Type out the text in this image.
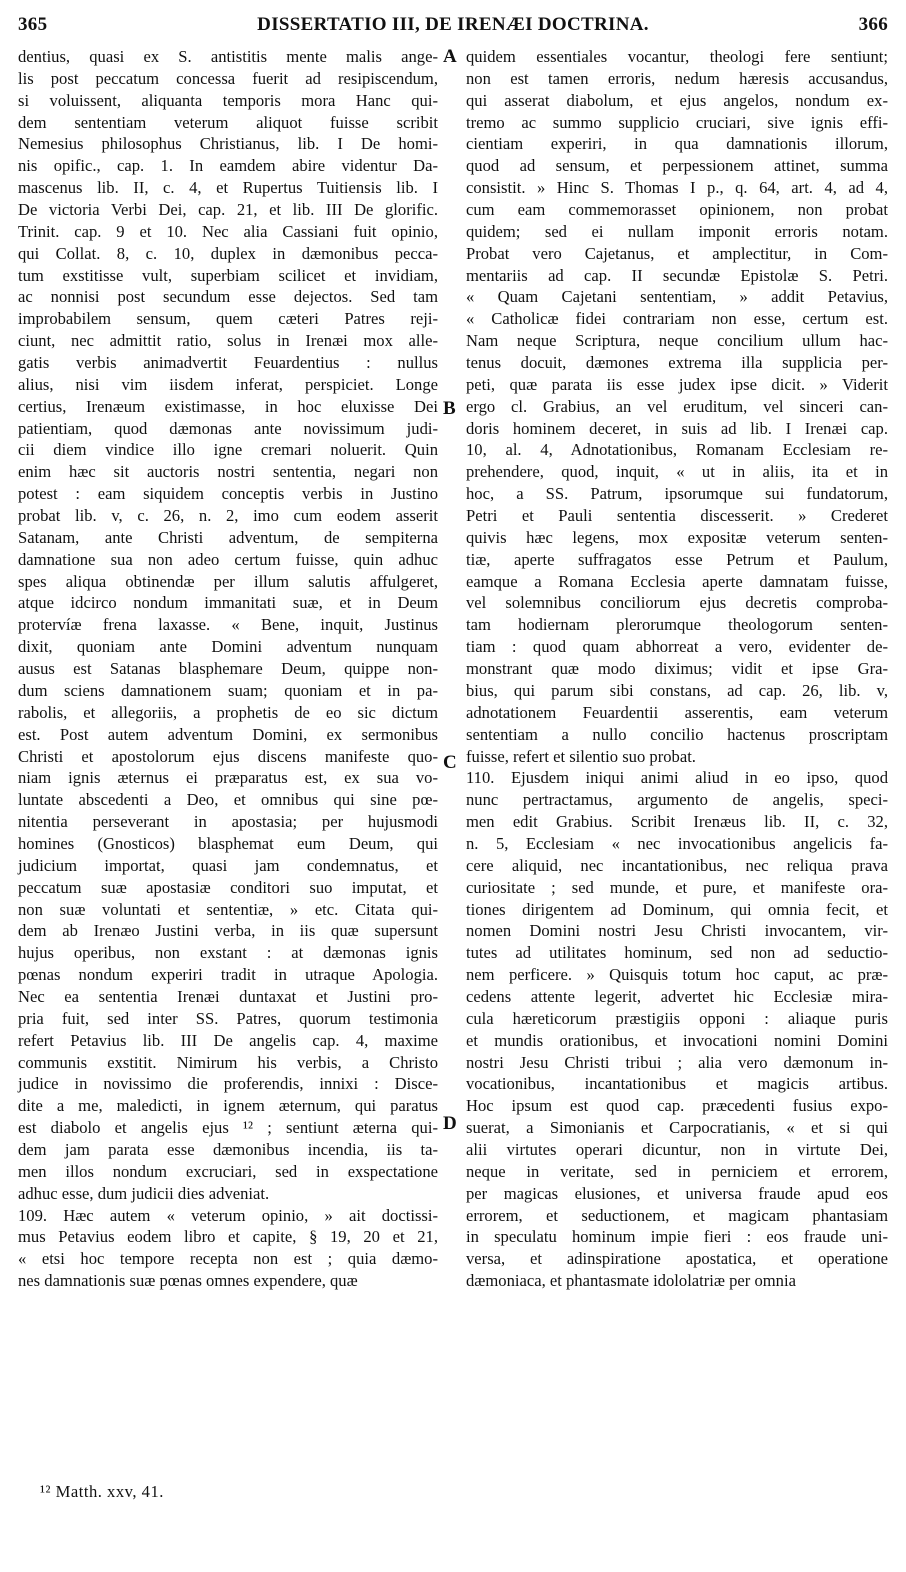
365	DISSERTATIO III, DE IRENÆI DOCTRINA.	366
dentius, quasi ex S. antistitis mente malis ange-
lis post peccatum concessa fuerit ad resipiscendum,
si voluissent, aliquanta temporis mora Hanc qui-
dem sententiam veterum aliquot fuisse scribit
Nemesius philosophus Christianus, lib. I De homi-
nis opific., cap. 1. In eamdem abire videntur Da-
mascenus lib. II, c. 4, et Rupertus Tuitiensis lib. I
De victoria Verbi Dei, cap. 21, et lib. III De glorific.
Trinit. cap. 9 et 10. Nec alia Cassiani fuit opinio,
qui Collat. 8, c. 10, duplex in dæmonibus pecca-
tum exstitisse vult, superbiam scilicet et invidiam,
ac nonnisi post secundum esse dejectos. Sed tam
improbabilem sensum, quem cæteri Patres reji-
ciunt, nec admittit ratio, solus in Irenæi mox alle-
gatis verbis animadvertit Feuardentius : nullus
alius, nisi vim iisdem inferat, perspiciet. Longe
certius, Irenæum existimasse, in hoc eluxisse Dei
patientiam, quod dæmonas ante novissimum judi-
cii diem vindice illo igne cremari noluerit. Quin
enim hæc sit auctoris nostri sententia, negari non
potest : eam siquidem conceptis verbis in Justino
probat lib. v, c. 26, n. 2, imo cum eodem asserit
Satanam, ante Christi adventum, de sempiterna
damnatione sua non adeo certum fuisse, quin adhuc
spes aliqua obtinendæ per illum salutis affulgeret,
atque idcirco nondum immanitati suæ, et in Deum
protervíæ frena laxasse. « Bene, inquit, Justinus
dixit, quoniam ante Domini adventum nunquam
ausus est Satanas blasphemare Deum, quippe non-
dum sciens damnationem suam; quoniam et in pa-
rabolis, et allegoriis, a prophetis de eo sic dictum
est. Post autem adventum Domini, ex sermonibus
Christi et apostolorum ejus discens manifeste quo-
niam ignis æternus ei præparatus est, ex sua vo-
luntate abscedenti a Deo, et omnibus qui sine pœ-
nitentia perseverant in apostasia; per hujusmodi
homines (Gnosticos) blasphemat eum Deum, qui
judicium importat, quasi jam condemnatus, et
peccatum suæ apostasiæ conditori suo imputat, et
non suæ voluntati et sententiæ, » etc. Citata qui-
dem ab Irenæo Justini verba, in iis quæ supersunt
hujus operibus, non exstant : at dæmonas ignis
pœnas nondum experiri tradit in utraque Apologia.
Nec ea sententia Irenæi duntaxat et Justini pro-
pria fuit, sed inter SS. Patres, quorum testimonia
refert Petavius lib. III De angelis cap. 4, maxime
communis exstitit. Nimirum his verbis, a Christo
judice in novissimo die proferendis, innixi : Disce-
dite a me, maledicti, in ignem æternum, qui paratus
est diabolo et angelis ejus ¹² ; sentiunt æterna qui-
dem jam parata esse dæmonibus incendia, iis ta-
men illos nondum excruciari, sed in exspectatione
adhuc esse, dum judicii dies adveniat.
109. Hæc autem « veterum opinio, » ait doctissi-
mus Petavius eodem libro et capite, § 19, 20 et 21,
« etsi hoc tempore recepta non est ; quia dæmo-
nes damnationis suæ pœnas omnes expendere, quæ
quidem essentiales vocantur, theologi fere sentiunt;
non est tamen erroris, nedum hæresis accusandus,
qui asserat diabolum, et ejus angelos, nondum ex-
tremo ac summo supplicio cruciari, sive ignis effi-
cientiam experiri, in qua damnationis illorum,
quod ad sensum, et perpessionem attinet, summa
consistit. » Hinc S. Thomas I p., q. 64, art. 4, ad 4,
cum eam commemorasset opinionem, non probat
quidem; sed ei nullam imponit erroris notam.
Probat vero Cajetanus, et amplectitur, in Com-
mentariis ad cap. II secundæ Epistolæ S. Petri.
« Quam Cajetani sententiam, » addit Petavius,
« Catholicæ fidei contrariam non esse, certum est.
Nam neque Scriptura, neque concilium ullum hac-
tenus docuit, dæmones extrema illa supplicia per-
peti, quæ parata iis esse judex ipse dicit. » Viderit
ergo cl. Grabius, an vel eruditum, vel sinceri can-
doris hominem deceret, in suis ad lib. I Irenæi cap.
10, al. 4, Adnotationibus, Romanam Ecclesiam re-
prehendere, quod, inquit, « ut in aliis, ita et in
hoc, a SS. Patrum, ipsorumque sui fundatorum,
Petri et Pauli sententia discesserit. » Crederet
quivis hæc legens, mox expositæ veterum senten-
tiæ, aperte suffragatos esse Petrum et Paulum,
eamque a Romana Ecclesia aperte damnatam fuisse,
vel solemnibus conciliorum ejus decretis comproba-
tam hodiernam plerorumque theologorum senten-
tiam : quod quam abhorreat a vero, evidenter de-
monstrant quæ modo diximus; vidit et ipse Gra-
bius, qui parum sibi constans, ad cap. 26, lib. v,
adnotationem Feuardentii asserentis, eam veterum
sententiam a nullo concilio hactenus proscriptam
fuisse, refert et silentio suo probat.
110. Ejusdem iniqui animi aliud in eo ipso, quod
nunc pertractamus, argumento de angelis, speci-
men edit Grabius. Scribit Irenæus lib. II, c. 32,
n. 5, Ecclesiam « nec invocationibus angelicis fa-
cere aliquid, nec incantationibus, nec reliqua prava
curiositate ; sed munde, et pure, et manifeste ora-
tiones dirigentem ad Dominum, qui omnia fecit, et
nomen Domini nostri Jesu Christi invocantem, vir-
tutes ad utilitates hominum, sed non ad seductio-
nem perficere. » Quisquis totum hoc caput, ac præ-
cedens attente legerit, advertet hic Ecclesiæ mira-
cula hæreticorum præstigiis opponi : aliaque puris
et mundis orationibus, et invocationi nomini Domini
nostri Jesu Christi tribui ; alia vero dæmonum in-
vocationibus, incantationibus et magicis artibus.
Hoc ipsum est quod cap. præcedenti fusius expo-
suerat, a Simonianis et Carpocratianis, « et si qui
alii virtutes operari dicuntur, non in virtute Dei,
neque in veritate, sed in perniciem et errorem,
per magicas elusiones, et universa fraude apud eos
errorem, et seductionem, et magicam phantasiam
in speculatu hominum impie fieri : eos fraude uni-
versa, et adinspiratione apostatica, et operatione
dæmoniaca, et phantasmate idololatriæ per omnia
A
B
C
D
¹² Matth. xxv, 41.
